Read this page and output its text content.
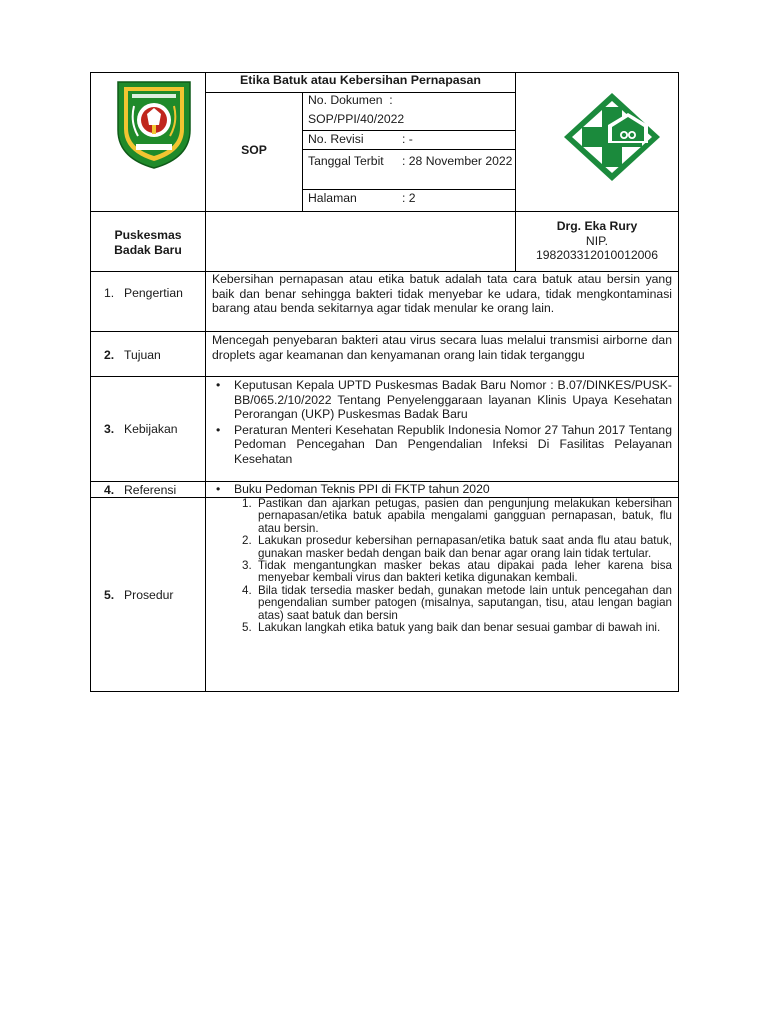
Etika Batuk atau Kebersihan Pernapasan
SOP
No. Dokumen :
SOP/PPI/40/2022
No. Revisi	: -
Tanggal Terbit : 28 November 2022
Halaman	: 2
Puskesmas
Badak Baru
Drg. Eka Rury
NIP.
198203312010012006
1. Pengertian
2. Tujuan
3. Kebijakan
4. Referensi
5. Prosedur
Kebersihan pernapasan atau etika batuk adalah tata cara batuk atau bersin yang baik dan benar sehingga bakteri tidak menyebar ke udara, tidak mengkontaminasi barang atau benda sekitarnya agar tidak menular ke orang lain.
Mencegah penyebaran bakteri atau virus secara luas melalui transmisi airborne dan droplets agar keamanan dan kenyamanan orang lain tidak terganggu
• Keputusan Kepala UPTD Puskesmas Badak Baru Nomor : B.07/DINKES/PUSK-BB/065.2/10/2022 Tentang Penyelenggaraan layanan Klinis Upaya Kesehatan Perorangan (UKP) Puskesmas Badak Baru
• Peraturan Menteri Kesehatan Republik Indonesia Nomor 27 Tahun 2017 Tentang Pedoman Pencegahan Dan Pengendalian Infeksi Di Fasilitas Pelayanan Kesehatan
• Buku Pedoman Teknis PPI di FKTP tahun 2020
1. Pastikan dan ajarkan petugas, pasien dan pengunjung melakukan kebersihan pernapasan/etika batuk apabila mengalami gangguan pernapasan, batuk, flu atau bersin.
2. Lakukan prosedur kebersihan pernapasan/etika batuk saat anda flu atau batuk, gunakan masker bedah dengan baik dan benar agar orang lain tidak tertular.
3. Tidak mengantungkan masker bekas atau dipakai pada leher karena bisa menyebar kembali virus dan bakteri ketika digunakan kembali.
4. Bila tidak tersedia masker bedah, gunakan metode lain untuk pencegahan dan pengendalian sumber patogen (misalnya, saputangan, tisu, atau lengan bagian atas) saat batuk dan bersin
5. Lakukan langkah etika batuk yang baik dan benar sesuai gambar di bawah ini.
